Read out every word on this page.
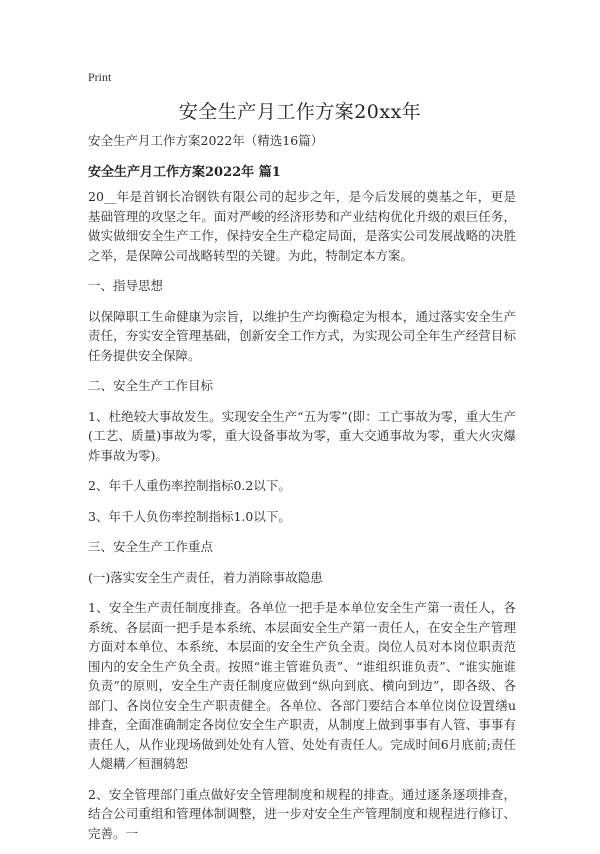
Print
安全生产月工作方案20xx年
安全生产月工作方案2022年（精选16篇）
安全生产月工作方案2022年 篇1

20__年是首钢长冶钢铁有限公司的起步之年，是今后发展的奠基之年，更是基础管理的攻坚之年。面对严峻的经济形势和产业结构优化升级的艰巨任务，做实做细安全生产工作，保持安全生产稳定局面，是落实公司发展战略的决胜之举，是保障公司战略转型的关键。为此，特制定本方案。

一、指导思想

以保障职工生命健康为宗旨，以维护生产均衡稳定为根本，通过落实安全生产责任，夯实安全管理基础，创新安全工作方式，为实现公司全年生产经营目标任务提供安全保障。

二、安全生产工作目标

1、杜绝较大事故发生。实现安全生产“五为零”(即：工亡事故为零，重大生产(工艺、质量)事故为零，重大设备事故为零，重大交通事故为零，重大火灾爆炸事故为零)。

2、年千人重伤率控制指标0.2以下。

3、年千人负伤率控制指标1.0以下。

三、安全生产工作重点

(一)落实安全生产责任，着力消除事故隐患

1、安全生产责任制度排查。各单位一把手是本单位安全生产第一责任人，各系统、各层面一把手是本系统、本层面安全生产第一责任人，在安全生产管理方面对本单位、本系统、本层面的安全生产负全责。岗位人员对本岗位职责范围内的安全生产负全责。按照“谁主管谁负责”、“谁组织谁负责”、“谁实施谁负责”的原则，安全生产责任制度应做到“纵向到底、横向到边”，即各级、各部门、各岗位安全生产职责健全。各单位、各部门要结合本单位岗位设置缮u排查，全面准确制定各岗位安全生产职责，从制度上做到事事有人管、事事有责任人，从作业现场做到处处有人管、处处有责任人。完成时间6月底前;责任人煺耩／桓涠鸫恕

2、安全管理部门重点做好安全管理制度和规程的排查。通过逐条逐项排查，结合公司重组和管理体制调整，进一步对安全生产管理制度和规程进行修订、完善。一
